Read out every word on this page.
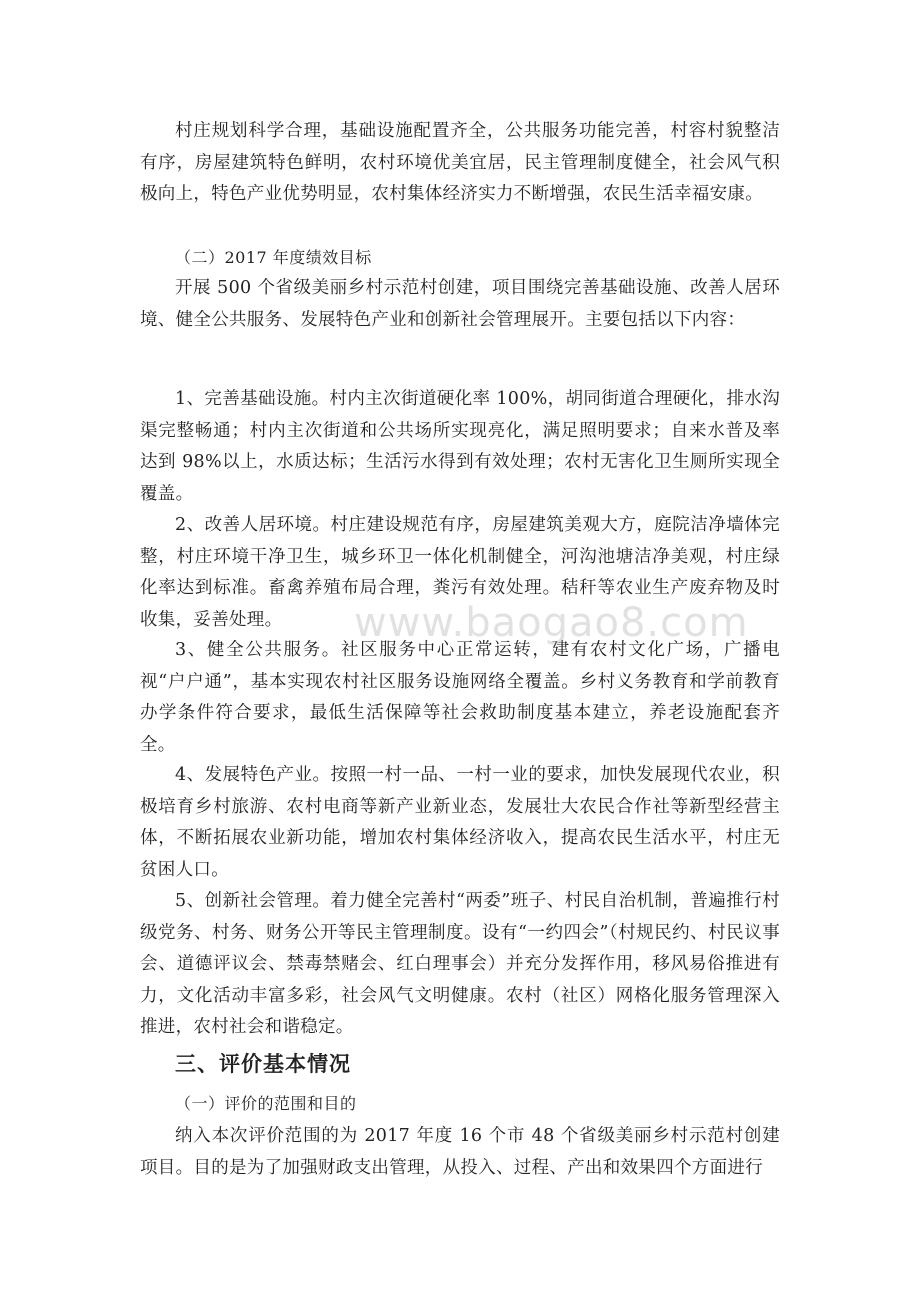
村庄规划科学合理，基础设施配置齐全，公共服务功能完善，村容村貌整洁有序，房屋建筑特色鲜明，农村环境优美宜居，民主管理制度健全，社会风气积极向上，特色产业优势明显，农村集体经济实力不断增强，农民生活幸福安康。

（二）2017 年度绩效目标

开展 500 个省级美丽乡村示范村创建，项目围绕完善基础设施、改善人居环境、健全公共服务、发展特色产业和创新社会管理展开。主要包括以下内容：

1、完善基础设施。村内主次街道硬化率 100%，胡同街道合理硬化，排水沟渠完整畅通；村内主次街道和公共场所实现亮化，满足照明要求；自来水普及率达到 98%以上，水质达标；生活污水得到有效处理；农村无害化卫生厕所实现全覆盖。

2、改善人居环境。村庄建设规范有序，房屋建筑美观大方，庭院洁净墙体完整，村庄环境干净卫生，城乡环卫一体化机制健全，河沟池塘洁净美观，村庄绿化率达到标准。畜禽养殖布局合理，粪污有效处理。秸秆等农业生产废弃物及时收集，妥善处理。

3、健全公共服务。社区服务中心正常运转，建有农村文化广场，广播电视“户户通”，基本实现农村社区服务设施网络全覆盖。乡村义务教育和学前教育办学条件符合要求，最低生活保障等社会救助制度基本建立，养老设施配套齐全。

4、发展特色产业。按照一村一品、一村一业的要求，加快发展现代农业，积极培育乡村旅游、农村电商等新产业新业态，发展壮大农民合作社等新型经营主体，不断拓展农业新功能，增加农村集体经济收入，提高农民生活水平，村庄无贫困人口。

5、创新社会管理。着力健全完善村“两委”班子、村民自治机制，普遍推行村级党务、村务、财务公开等民主管理制度。设有“一约四会”（村规民约、村民议事会、道德评议会、禁毒禁赌会、红白理事会）并充分发挥作用，移风易俗推进有力，文化活动丰富多彩，社会风气文明健康。农村（社区）网格化服务管理深入推进，农村社会和谐稳定。

三、评价基本情况

（一）评价的范围和目的

纳入本次评价范围的为 2017 年度 16 个市 48 个省级美丽乡村示范村创建项目。目的是为了加强财政支出管理，从投入、过程、产出和效果四个方面进行

www.baogao8.com
